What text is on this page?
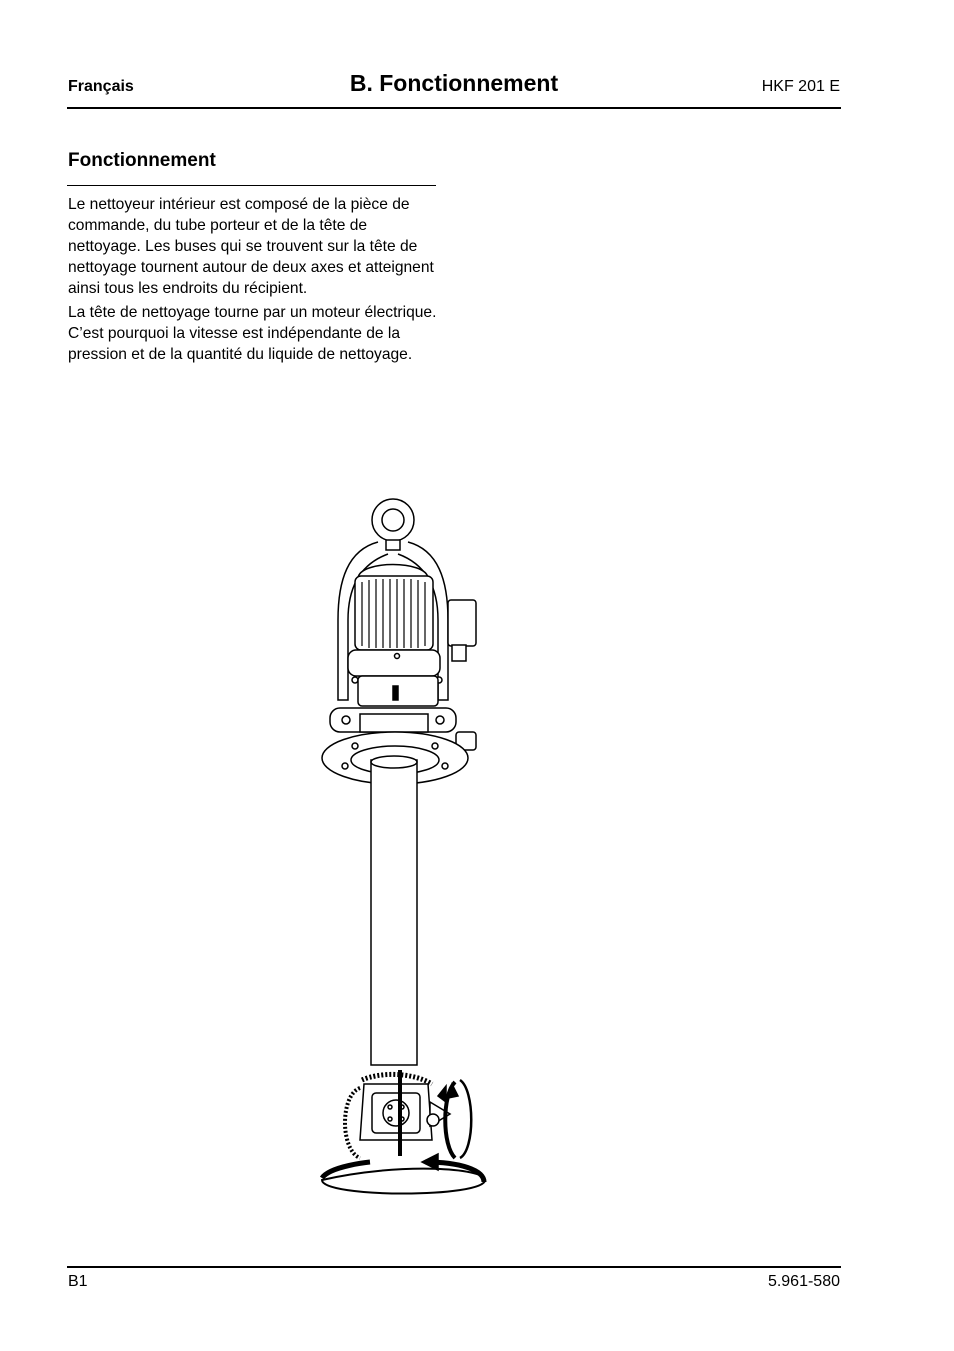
Français	B. Fonctionnement	HKF 201 E
Fonctionnement

Le nettoyeur intérieur est composé de la pièce de commande, du tube porteur et de la tête de nettoyage. Les buses qui se trouvent sur la tête de nettoyage tournent autour de deux axes et atteignent ainsi tous les endroits du récipient.

La tête de nettoyage tourne par un moteur électrique. C’est pourquoi la vitesse est indépendante de la pression et de la quantité du liquide de nettoyage.

B1	5.961-580
